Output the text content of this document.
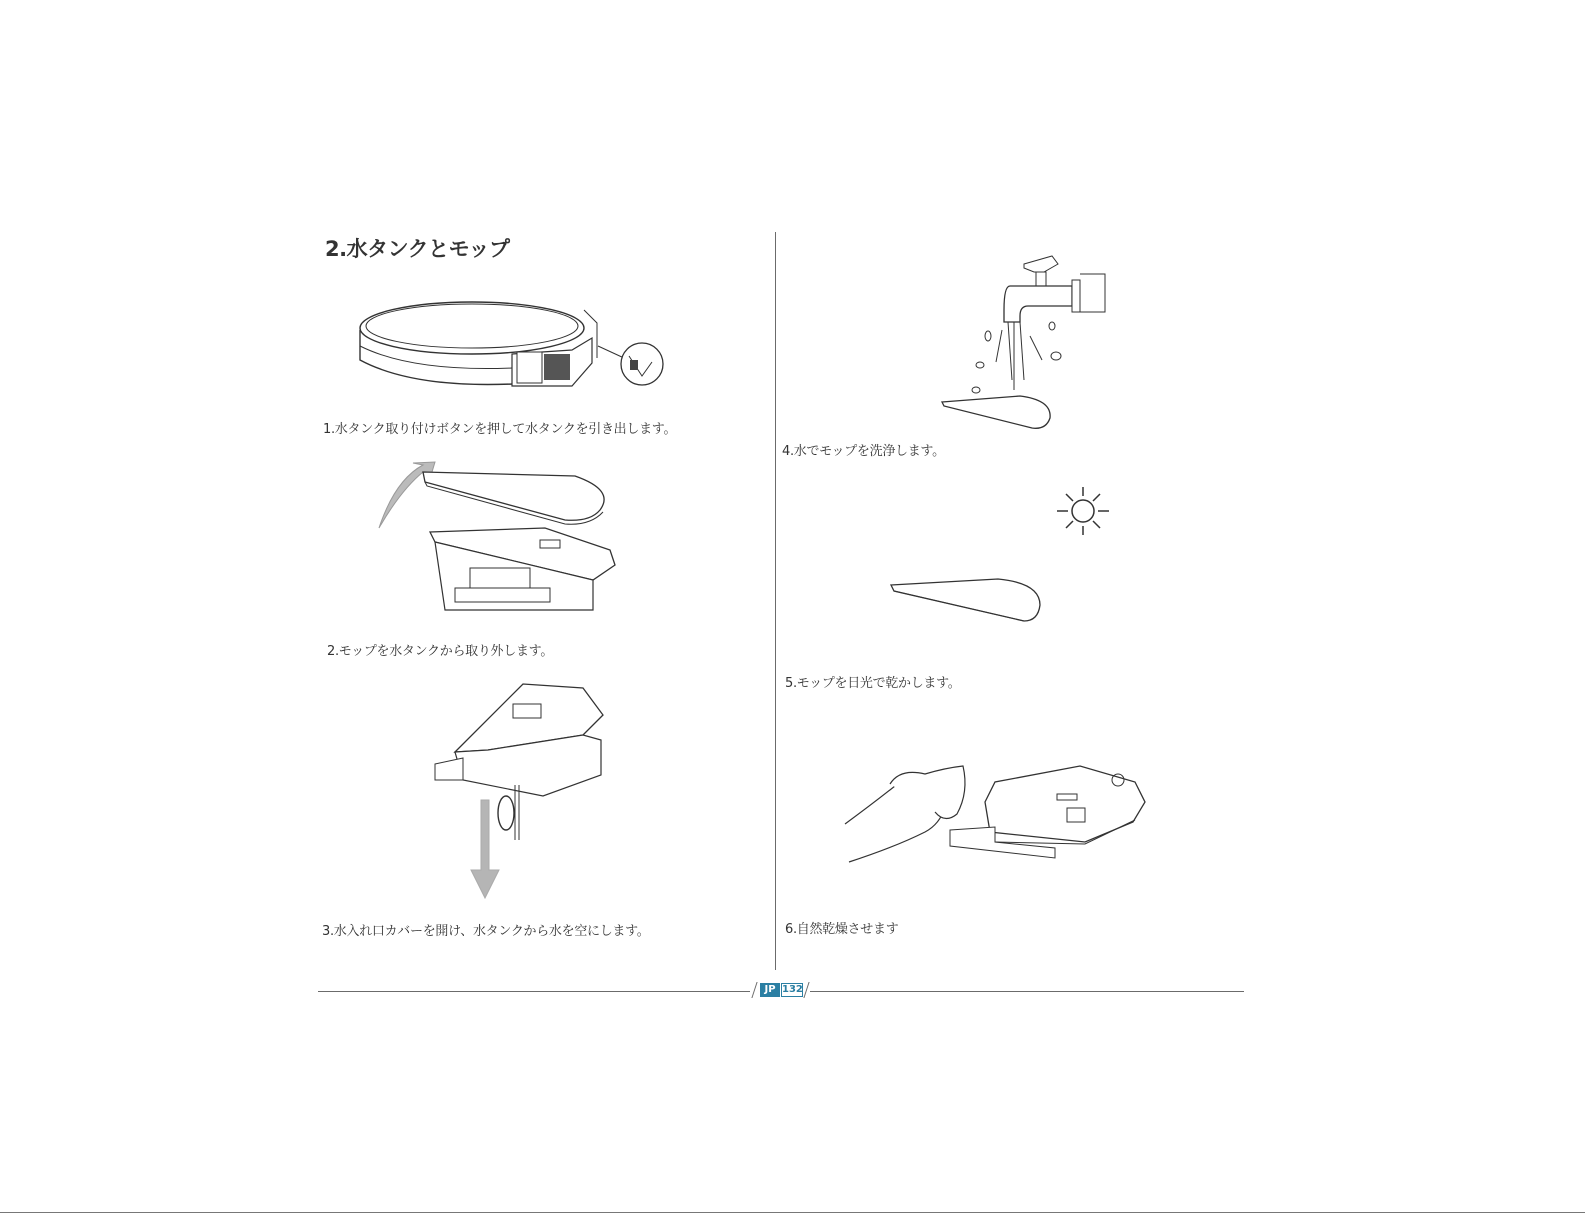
2.水タンクとモップ
1.水タンク取り付けボタンを押して水タンクを引き出します。
2.モップを水タンクから取り外します。
3.水入れ口カバーを開け、水タンクから水を空にします。
4.水でモップを洗浄します。
5.モップを日光で乾かします。
6.自然乾燥させます
JP 132
